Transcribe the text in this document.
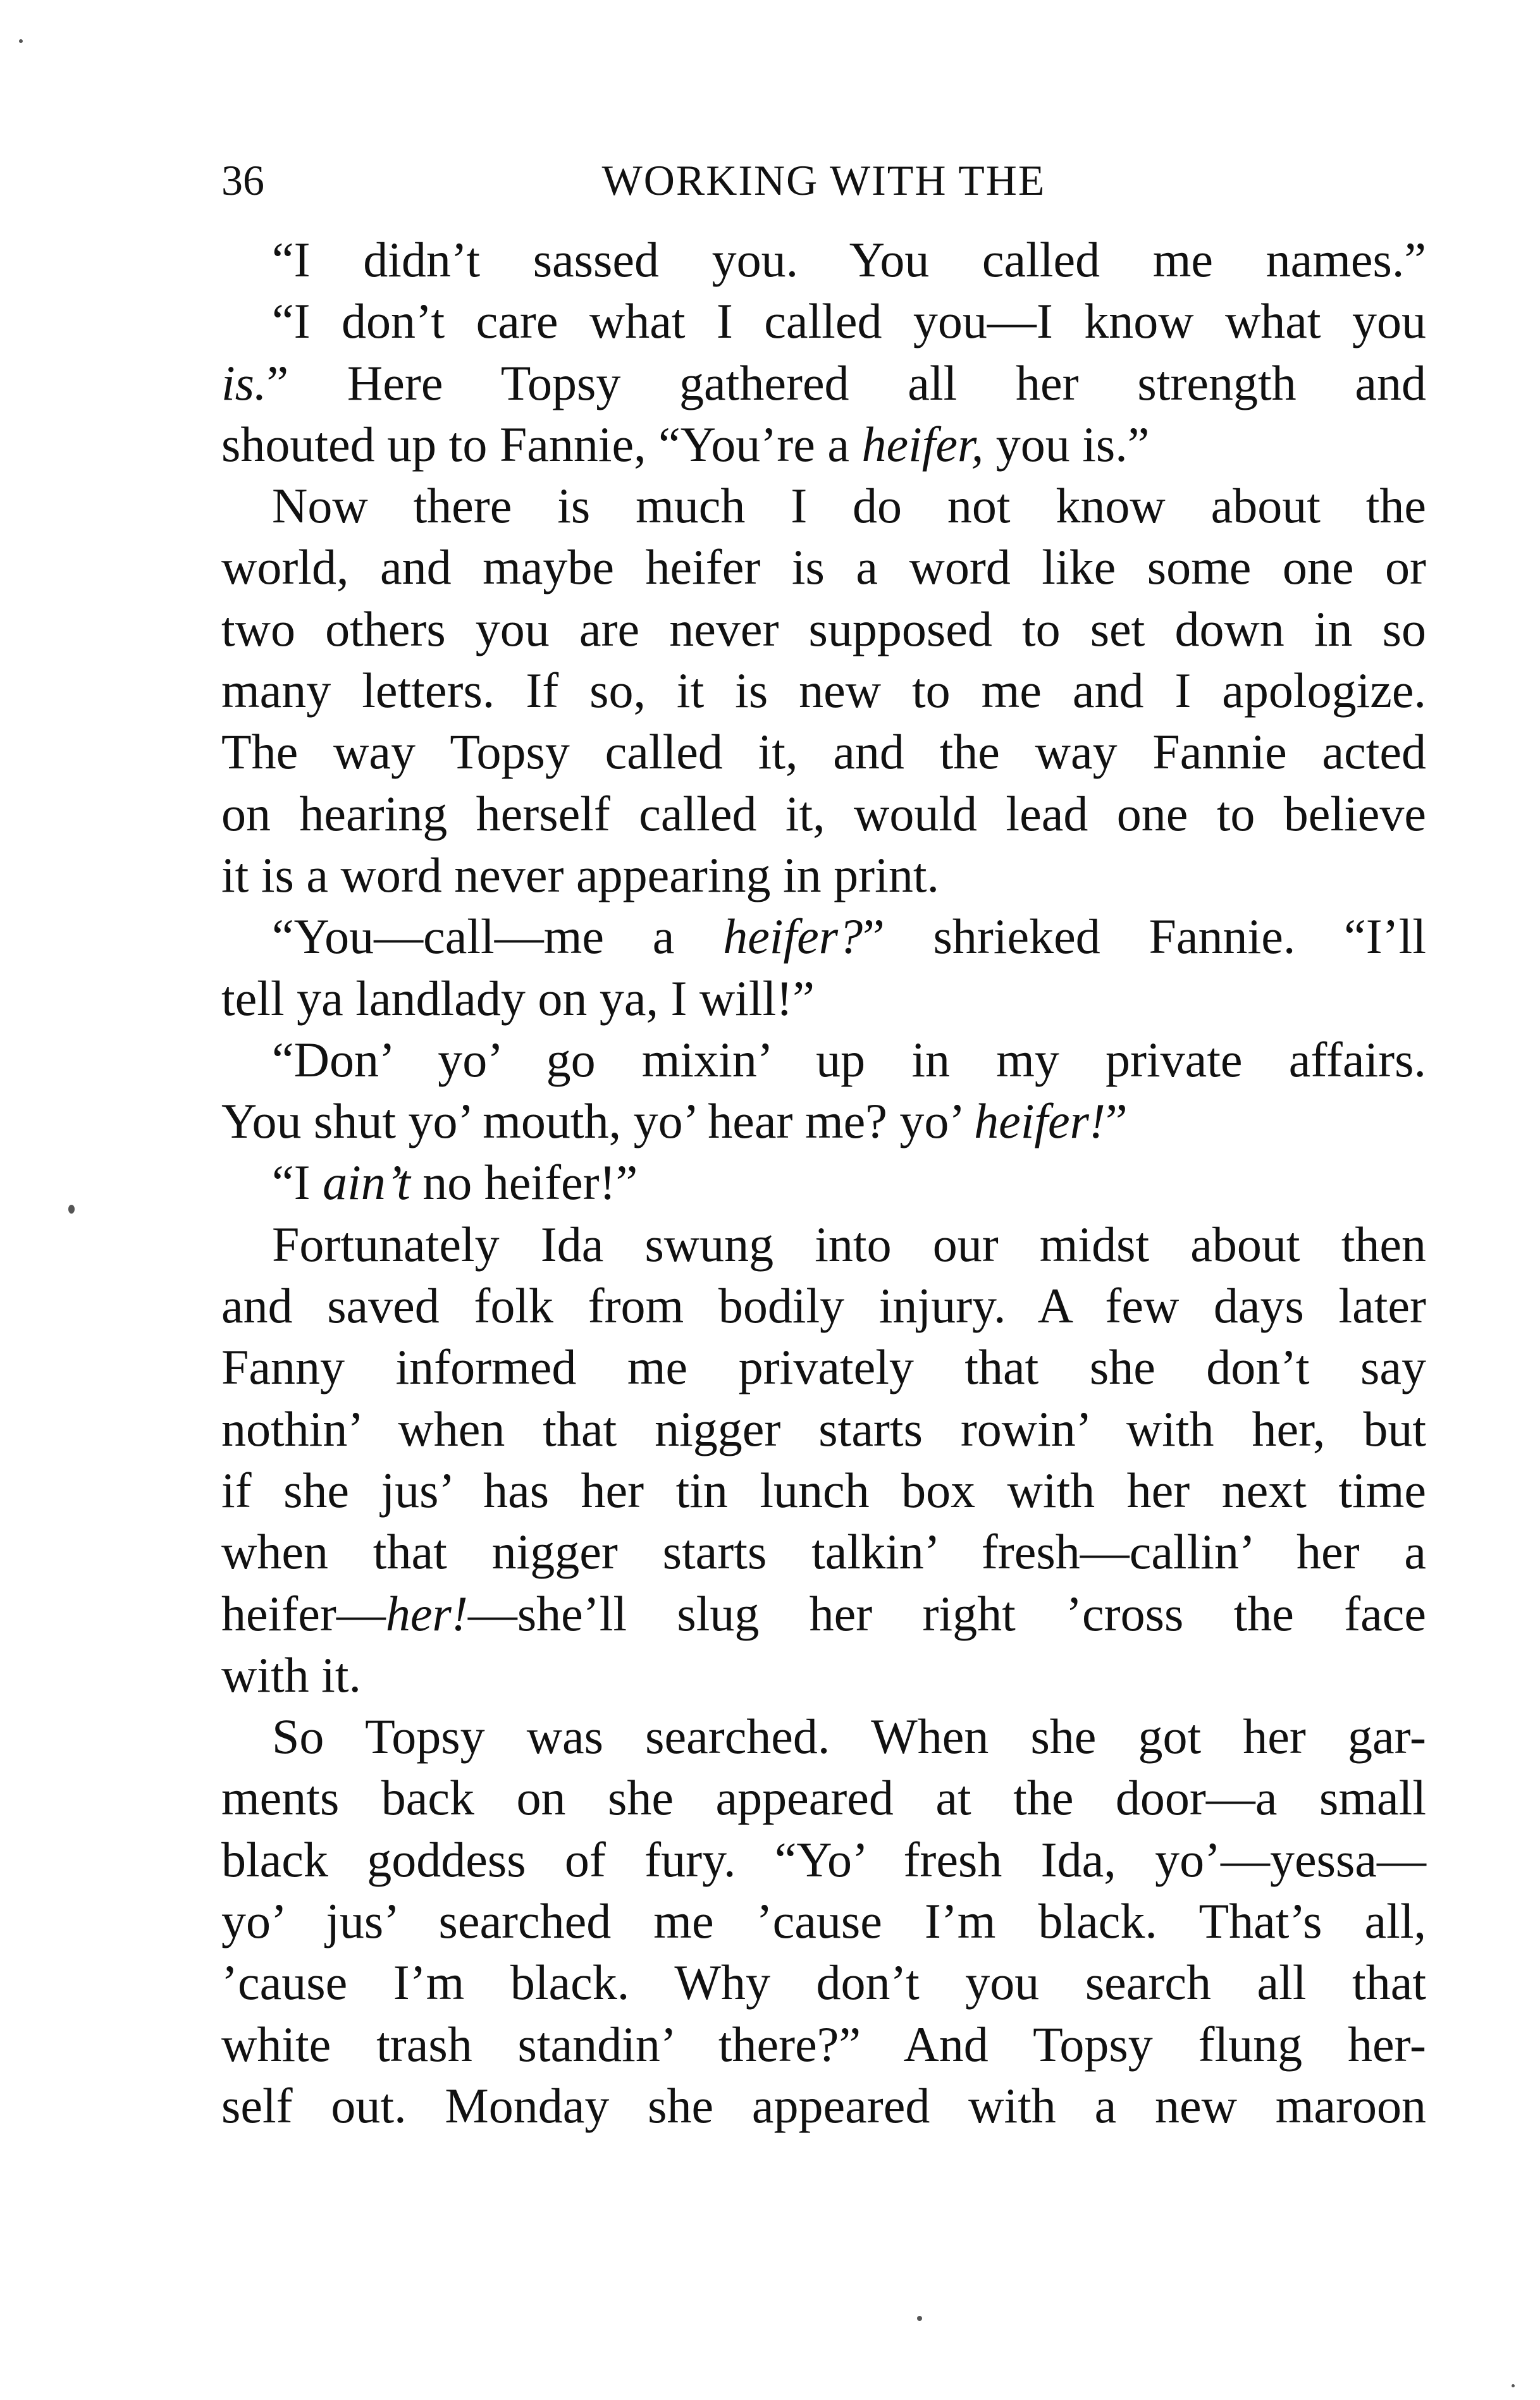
36	WORKING WITH THE
“I didn’t sassed you. You called me names.”
“I don’t care what I called you—I know what you
is.” Here Topsy gathered all her strength and
shouted up to Fannie, “You’re a heifer, you is.”
Now there is much I do not know about the
world, and maybe heifer is a word like some one or
two others you are never supposed to set down in so
many letters. If so, it is new to me and I apologize.
The way Topsy called it, and the way Fannie acted
on hearing herself called it, would lead one to believe
it is a word never appearing in print.
“You—call—me a heifer?” shrieked Fannie. “I’ll
tell ya landlady on ya, I will!”
“Don’ yo’ go mixin’ up in my private affairs.
You shut yo’ mouth, yo’ hear me? yo’ heifer!”
“I ain’t no heifer!”
Fortunately Ida swung into our midst about then
and saved folk from bodily injury. A few days later
Fanny informed me privately that she don’t say
nothin’ when that nigger starts rowin’ with her, but
if she jus’ has her tin lunch box with her next time
when that nigger starts talkin’ fresh—callin’ her a
heifer—her!—she’ll slug her right ’cross the face
with it.
So Topsy was searched. When she got her gar-
ments back on she appeared at the door—a small
black goddess of fury. “Yo’ fresh Ida, yo’—yessa—
yo’ jus’ searched me ’cause I’m black. That’s all,
’cause I’m black. Why don’t you search all that
white trash standin’ there?” And Topsy flung her-
self out. Monday she appeared with a new maroon
